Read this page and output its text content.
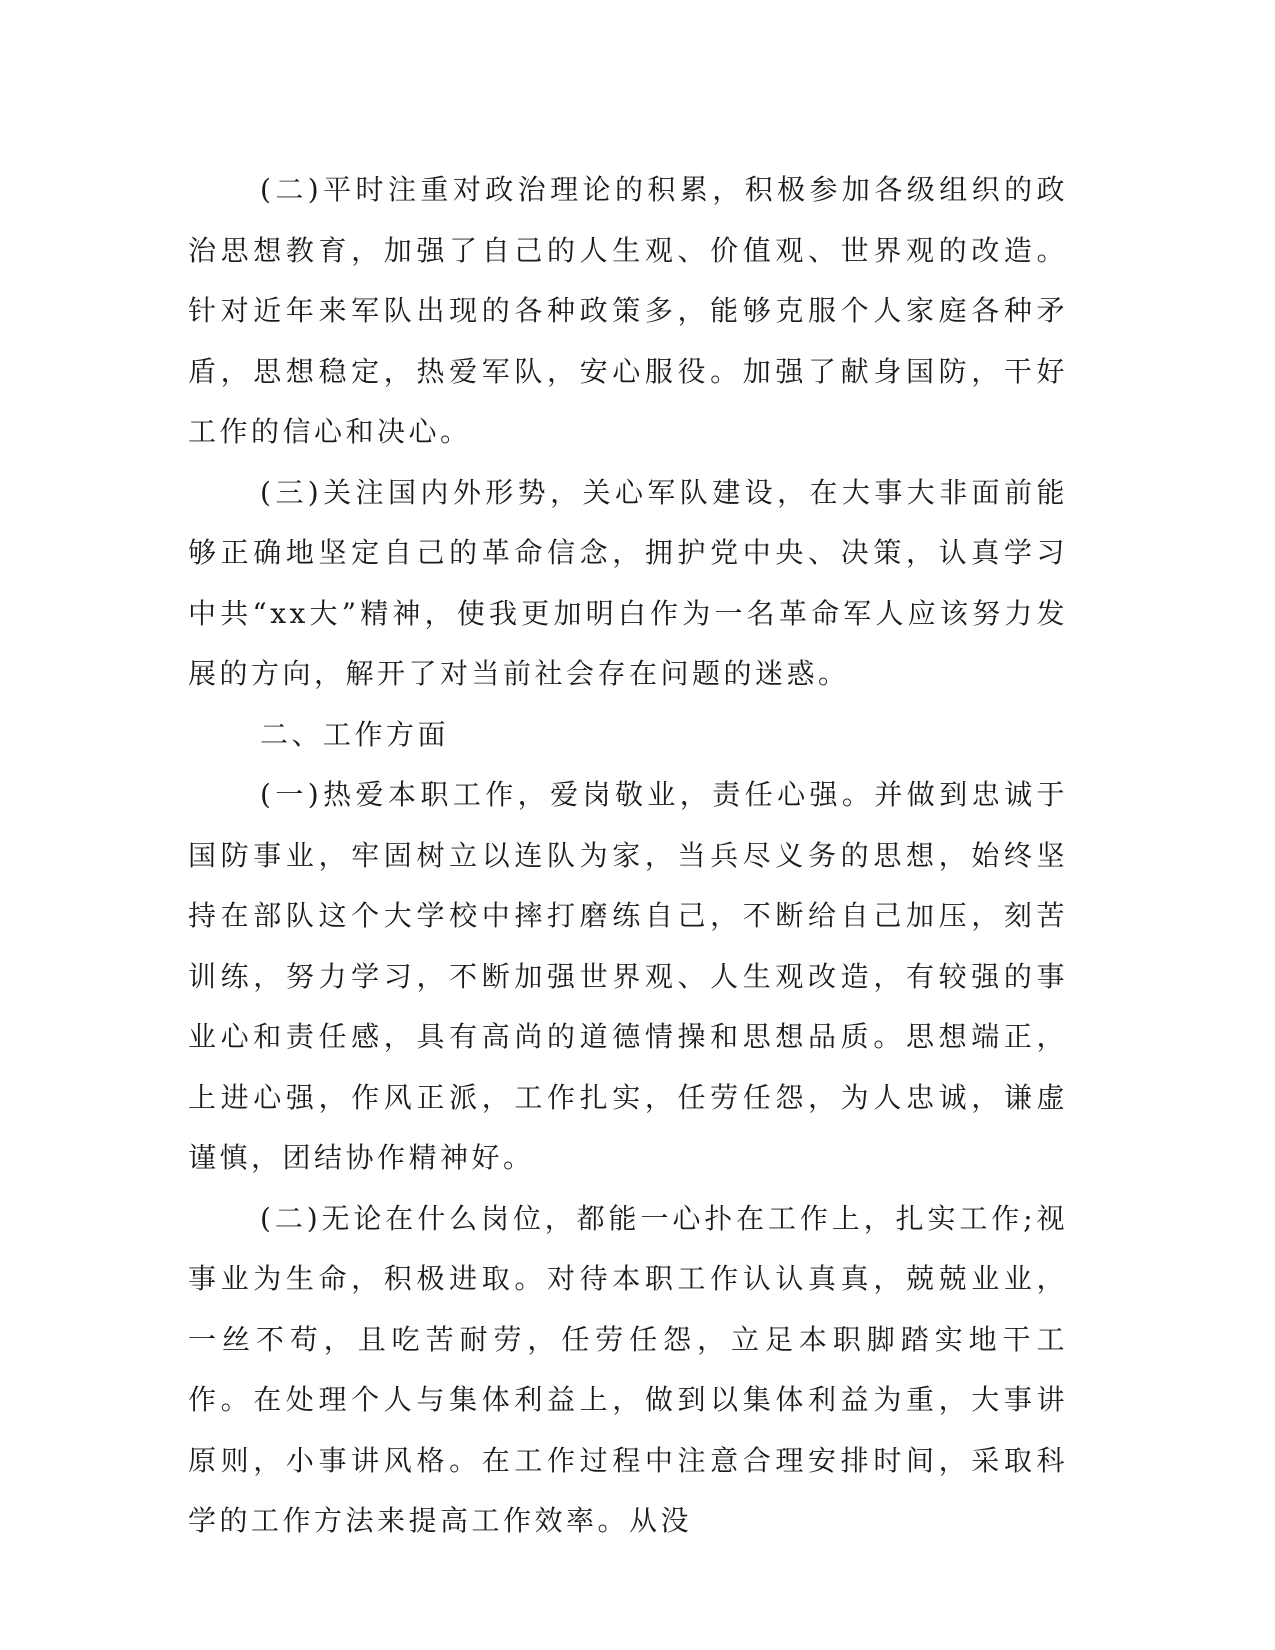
(二)平时注重对政治理论的积累，积极参加各级组织的政治思想教育，加强了自己的人生观、价值观、世界观的改造。针对近年来军队出现的各种政策多，能够克服个人家庭各种矛盾，思想稳定，热爱军队，安心服役。加强了献身国防，干好工作的信心和决心。

(三)关注国内外形势，关心军队建设，在大事大非面前能够正确地坚定自己的革命信念，拥护党中央、决策，认真学习中共“xx大”精神，使我更加明白作为一名革命军人应该努力发展的方向，解开了对当前社会存在问题的迷惑。

二、工作方面

(一)热爱本职工作，爱岗敬业，责任心强。并做到忠诚于国防事业，牢固树立以连队为家，当兵尽义务的思想，始终坚持在部队这个大学校中摔打磨练自己，不断给自己加压，刻苦训练，努力学习，不断加强世界观、人生观改造，有较强的事业心和责任感，具有高尚的道德情操和思想品质。思想端正，上进心强，作风正派，工作扎实，任劳任怨，为人忠诚，谦虚谨慎，团结协作精神好。

(二)无论在什么岗位，都能一心扑在工作上，扎实工作;视事业为生命，积极进取。对待本职工作认认真真，兢兢业业，一丝不苟，且吃苦耐劳，任劳任怨，立足本职脚踏实地干工作。在处理个人与集体利益上，做到以集体利益为重，大事讲原则，小事讲风格。在工作过程中注意合理安排时间，采取科学的工作方法来提高工作效率。从没
